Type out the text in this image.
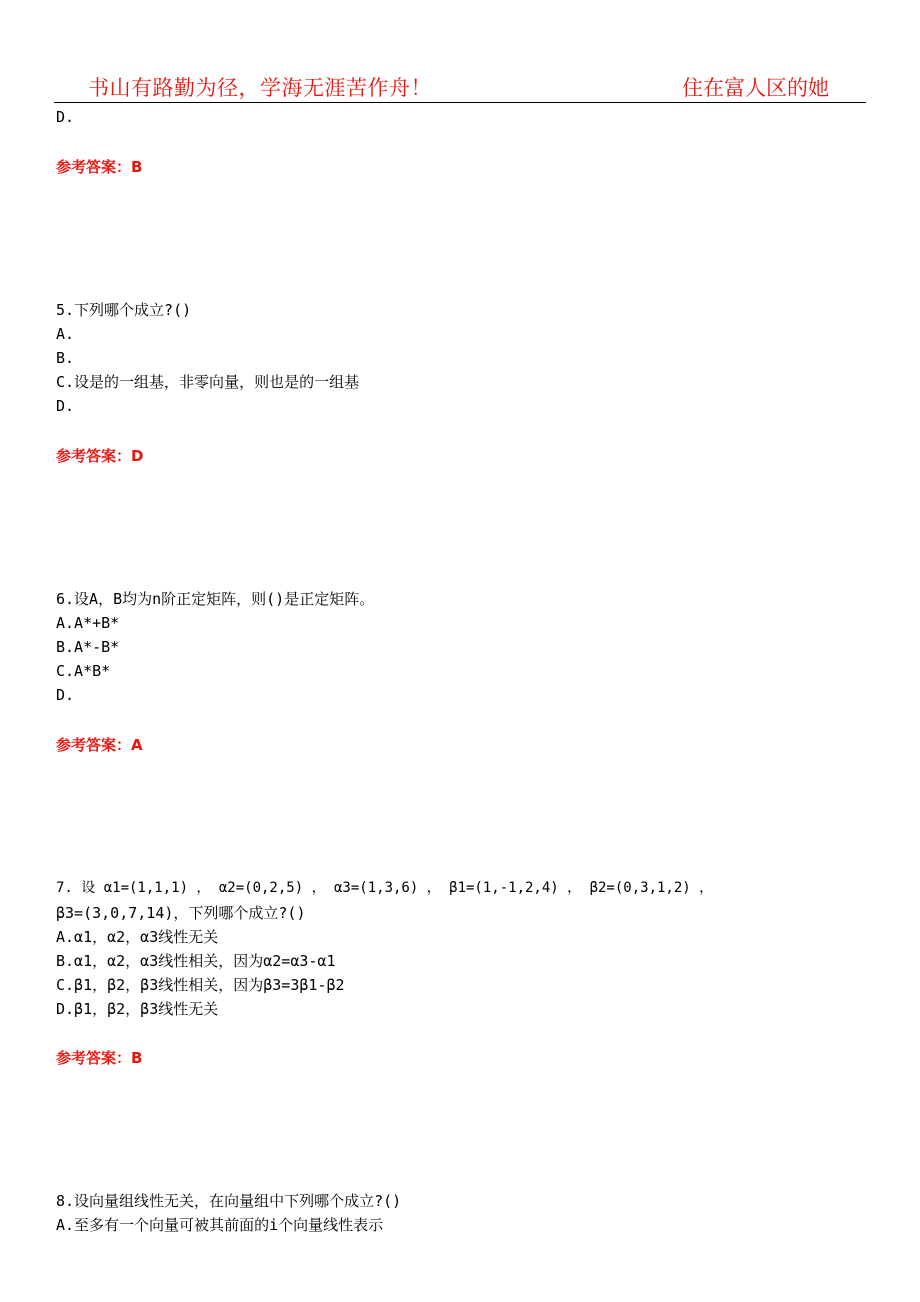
书山有路勤为径，学海无涯苦作舟！	住在富人区的她
D.
参考答案：B
5.下列哪个成立?()
A.
B.
C.设是的一组基，非零向量，则也是的一组基
D.
参考答案：D
6.设A，B均为n阶正定矩阵，则()是正定矩阵。
A.A*+B*
B.A*-B*
C.A*B*
D.
参考答案：A
7. 设 α1=(1,1,1) ， α2=(0,2,5) ， α3=(1,3,6) ， β1=(1,-1,2,4) ， β2=(0,3,1,2) ，
β3=(3,0,7,14)，下列哪个成立?()
A.α1，α2，α3线性无关
B.α1，α2，α3线性相关，因为α2=α3-α1
C.β1，β2，β3线性相关，因为β3=3β1-β2
D.β1，β2，β3线性无关
参考答案：B
8.设向量组线性无关，在向量组中下列哪个成立?()
A.至多有一个向量可被其前面的i个向量线性表示
